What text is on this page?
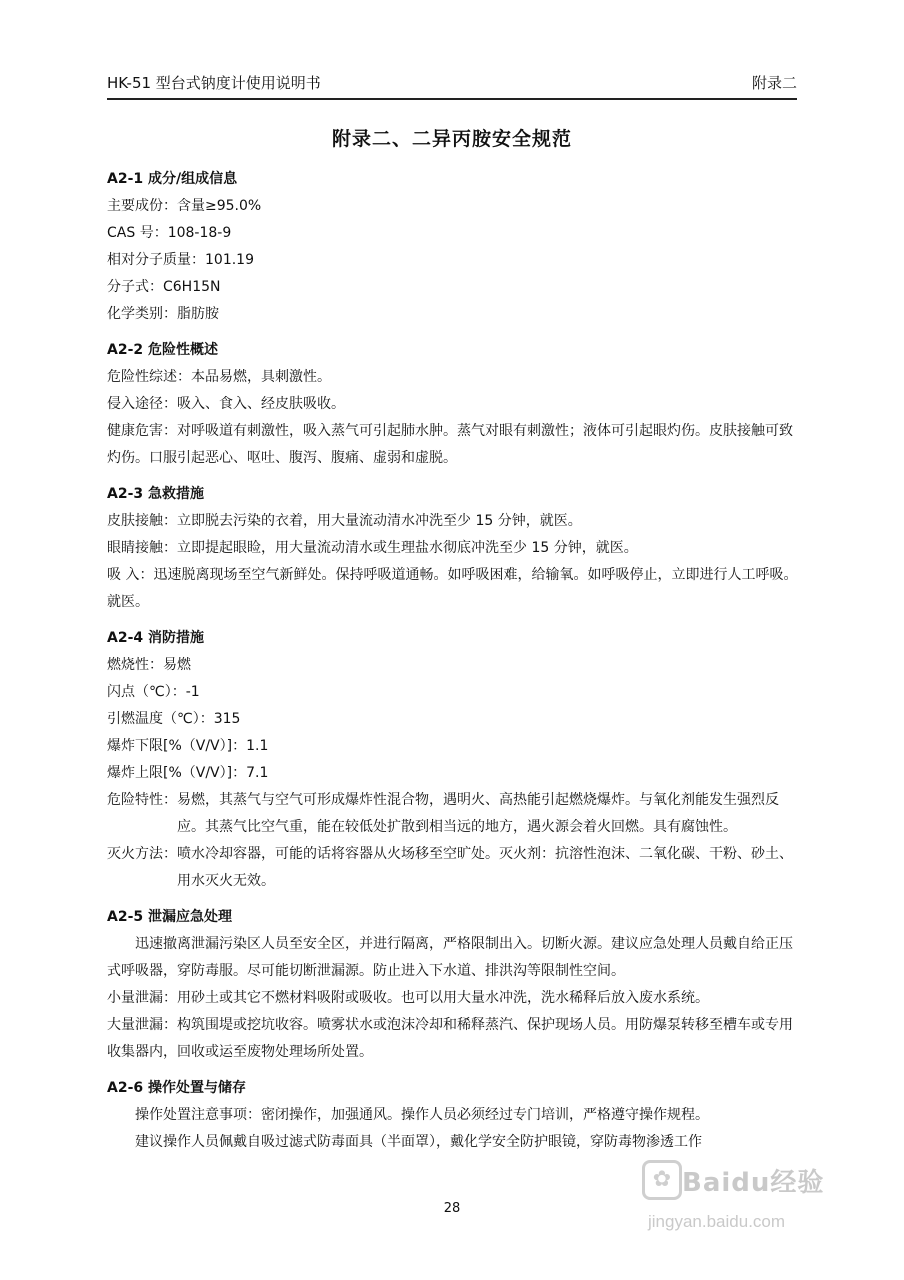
HK-51 型台式钠度计使用说明书	附录二
附录二、二异丙胺安全规范
A2-1 成分/组成信息
主要成份：含量≥95.0%
CAS 号：108-18-9
相对分子质量：101.19
分子式：C6H15N
化学类别：脂肪胺
A2-2 危险性概述
危险性综述：本品易燃，具刺激性。
侵入途径：吸入、食入、经皮肤吸收。
健康危害：对呼吸道有刺激性，吸入蒸气可引起肺水肿。蒸气对眼有刺激性；液体可引起眼灼伤。皮肤接触可致灼伤。口服引起恶心、呕吐、腹泻、腹痛、虚弱和虚脱。
A2-3 急救措施
皮肤接触：立即脱去污染的衣着，用大量流动清水冲洗至少 15 分钟，就医。
眼睛接触：立即提起眼睑，用大量流动清水或生理盐水彻底冲洗至少 15 分钟，就医。
吸 入：迅速脱离现场至空气新鲜处。保持呼吸道通畅。如呼吸困难，给输氧。如呼吸停止，立即进行人工呼吸。就医。
A2-4 消防措施
燃烧性：易燃
闪点（℃）：-1
引燃温度（℃）：315
爆炸下限[%（V/V）]：1.1
爆炸上限[%（V/V）]：7.1
危险特性： 易燃，其蒸气与空气可形成爆炸性混合物，遇明火、高热能引起燃烧爆炸。与氧化剂能发生强烈反应。其蒸气比空气重，能在较低处扩散到相当远的地方，遇火源会着火回燃。具有腐蚀性。
灭火方法： 喷水冷却容器，可能的话将容器从火场移至空旷处。灭火剂：抗溶性泡沫、二氧化碳、干粉、砂土、用水灭火无效。
A2-5 泄漏应急处理
迅速撤离泄漏污染区人员至安全区，并进行隔离，严格限制出入。切断火源。建议应急处理人员戴自给正压式呼吸器，穿防毒服。尽可能切断泄漏源。防止进入下水道、排洪沟等限制性空间。
小量泄漏：用砂土或其它不燃材料吸附或吸收。也可以用大量水冲洗，洗水稀释后放入废水系统。
大量泄漏：构筑围堤或挖坑收容。喷雾状水或泡沫冷却和稀释蒸汽、保护现场人员。用防爆泵转移至槽车或专用收集器内，回收或运至废物处理场所处置。
A2-6 操作处置与储存
操作处置注意事项：密闭操作，加强通风。操作人员必须经过专门培训，严格遵守操作规程。
建议操作人员佩戴自吸过滤式防毒面具（半面罩），戴化学安全防护眼镜，穿防毒物渗透工作
28
✿ Baidu经验
jingyan.baidu.com
